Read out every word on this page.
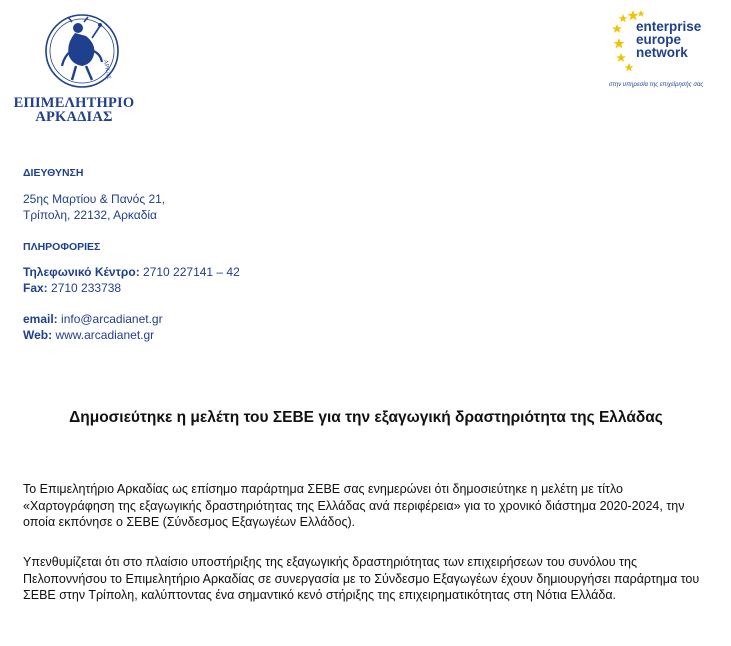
ΑΡΚΑΣ
ΕΠΙΜΕΛΗΤΗΡΙΟ
ΑΡΚΑΔΙΑΣ
enterprise
europe
network
στην υπηρεσία της επιχείρησής σας
ΔΙΕΥΘΥΝΣΗ
25ης Μαρτίου & Πανός 21,
Τρίπολη, 22132, Αρκαδία
ΠΛΗΡΟΦΟΡΙΕΣ
Τηλεφωνικό Κέντρο: 2710 227141 – 42
Fax: 2710 233738
email: info@arcadianet.gr
Web: www.arcadianet.gr
Δημοσιεύτηκε η μελέτη του ΣΕΒΕ για την εξαγωγική δραστηριότητα της Ελλάδας
Το Επιμελητήριο Αρκαδίας ως επίσημο παράρτημα ΣΕΒΕ σας ενημερώνει ότι δημοσιεύτηκε η μελέτη με τίτλο «Χαρτογράφηση της εξαγωγικής δραστηριότητας της Ελλάδας ανά περιφέρεια» για το χρονικό διάστημα 2020-2024, την οποία εκπόνησε ο ΣΕΒΕ (Σύνδεσμος Εξαγωγέων Ελλάδος).
Υπενθυμίζεται ότι στο πλαίσιο υποστήριξης της εξαγωγικής δραστηριότητας των επιχειρήσεων του συνόλου της Πελοποννήσου το Επιμελητήριο Αρκαδίας σε συνεργασία με το Σύνδεσμο Εξαγωγέων έχουν δημιουργήσει παράρτημα του ΣΕΒΕ στην Τρίπολη, καλύπτοντας ένα σημαντικό κενό στήριξης της επιχειρηματικότητας στη Νότια Ελλάδα.
